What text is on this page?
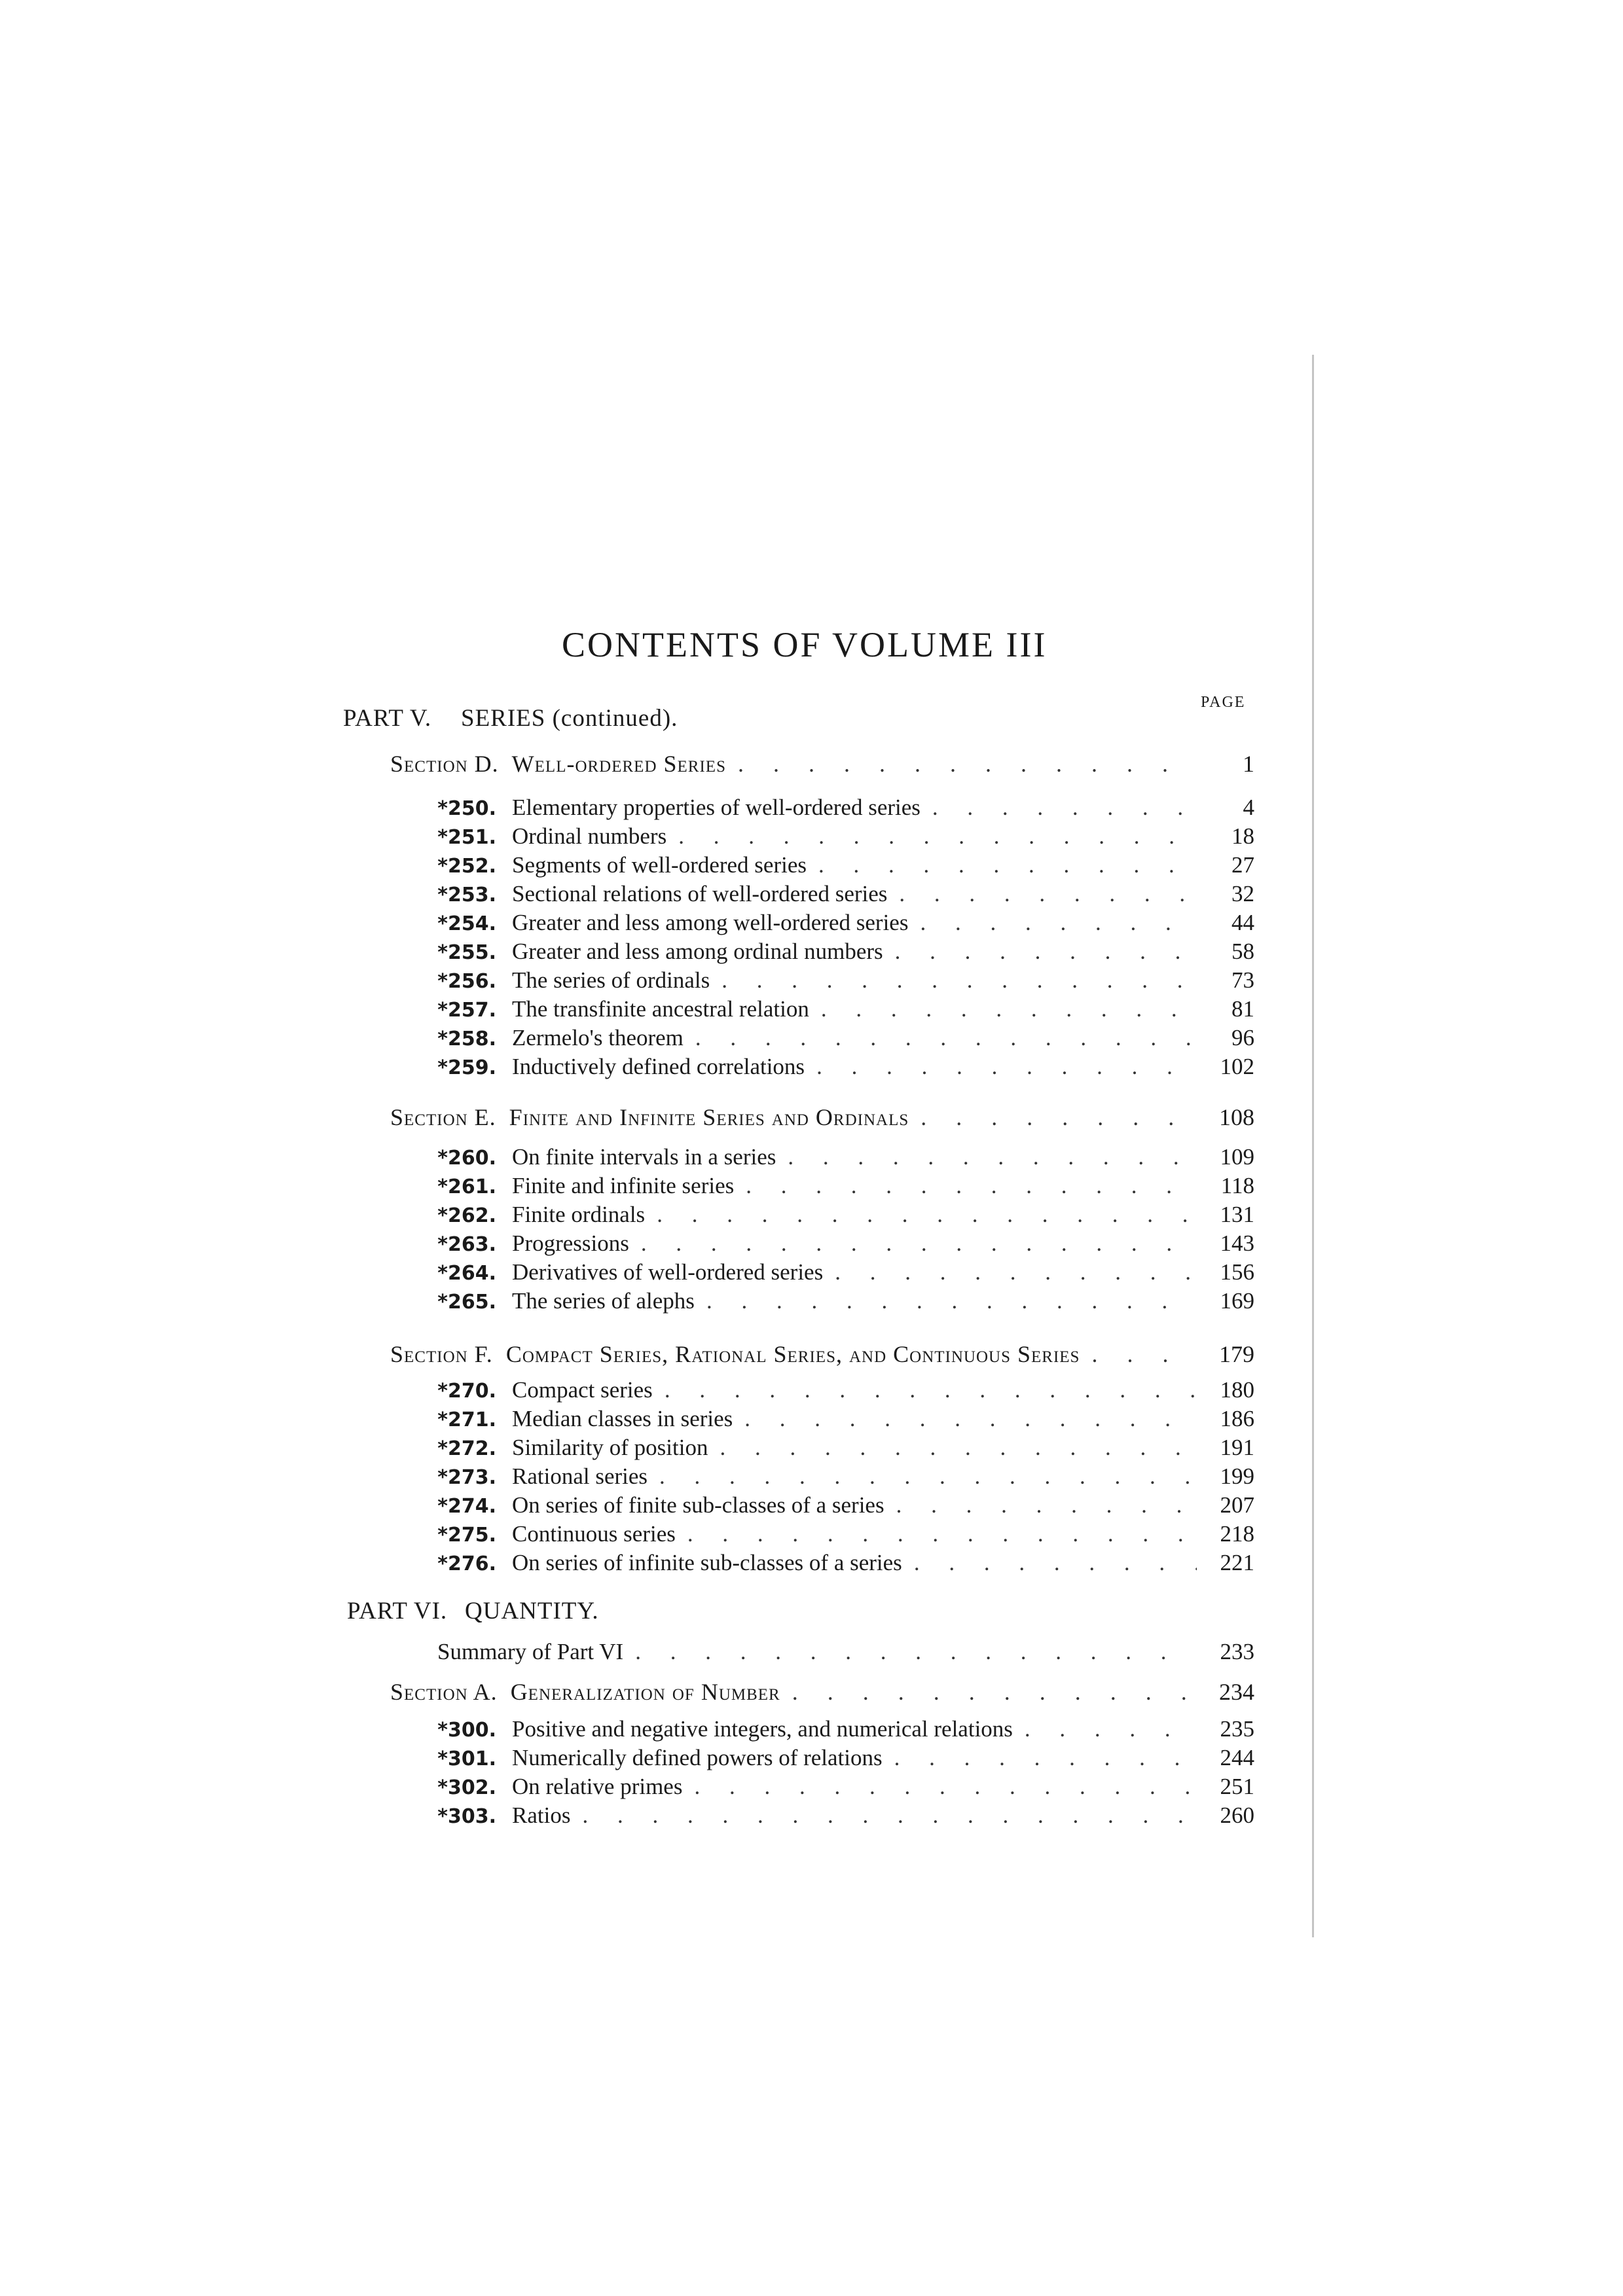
CONTENTS OF VOLUME III
PAGE
PART V. SERIES (continued).
Section D. Well-ordered Series . . .	1
*250. Elementary properties of well-ordered series . . .	4
*251. Ordinal numbers . . .	18
*252. Segments of well-ordered series . . .	27
*253. Sectional relations of well-ordered series . . .	32
*254. Greater and less among well-ordered series . . .	44
*255. Greater and less among ordinal numbers . . .	58
*256. The series of ordinals . . .	73
*257. The transfinite ancestral relation . . .	81
*258. Zermelo's theorem . . .	96
*259. Inductively defined correlations . . .	102
Section E. Finite and Infinite Series and Ordinals . . .	108
*260. On finite intervals in a series . . .	109
*261. Finite and infinite series . . .	118
*262. Finite ordinals . . .	131
*263. Progressions . . .	143
*264. Derivatives of well-ordered series . . .	156
*265. The series of alephs . . .	169
Section F. Compact Series, Rational Series, and Continuous Series . . .	179
*270. Compact series . . .	180
*271. Median classes in series . . .	186
*272. Similarity of position . . .	191
*273. Rational series . . .	199
*274. On series of finite sub-classes of a series . . .	207
*275. Continuous series . . .	218
*276. On series of infinite sub-classes of a series . . .	221
PART VI. QUANTITY.
Summary of Part VI . . .	233
Section A. Generalization of Number . . .	234
*300. Positive and negative integers, and numerical relations . . .	235
*301. Numerically defined powers of relations . . .	244
*302. On relative primes . . .	251
*303. Ratios . . .	260
